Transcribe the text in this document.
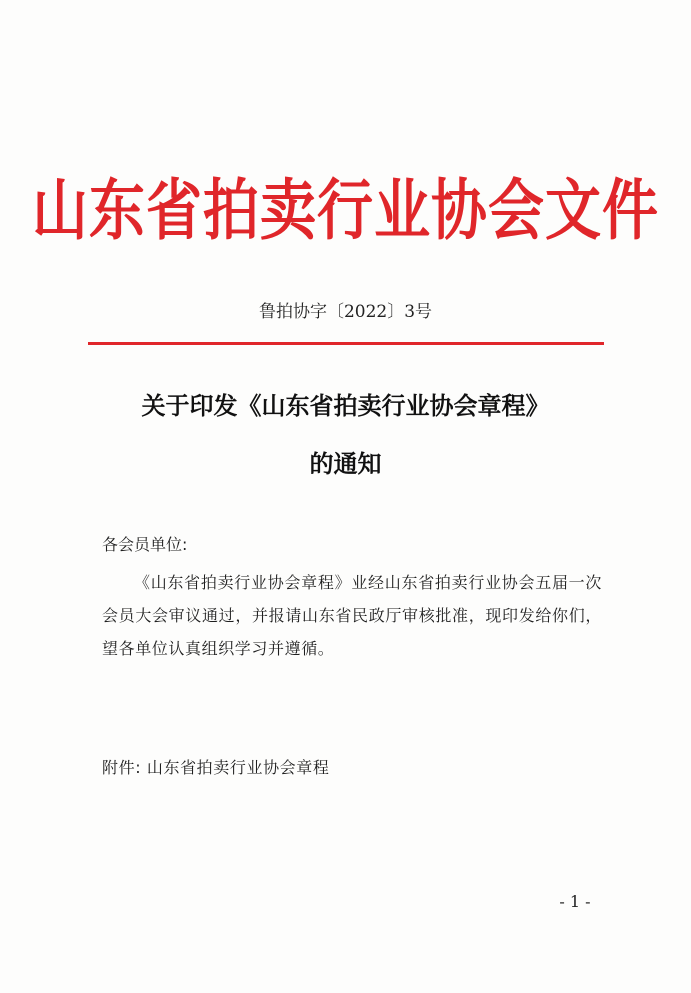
山东省拍卖行业协会文件
鲁拍协字〔2022〕3号
关于印发《山东省拍卖行业协会章程》
的通知
各会员单位:
《山东省拍卖行业协会章程》业经山东省拍卖行业协会五届一次会员大会审议通过，并报请山东省民政厅审核批准，现印发给你们，望各单位认真组织学习并遵循。
附件: 山东省拍卖行业协会章程
- 1 -
